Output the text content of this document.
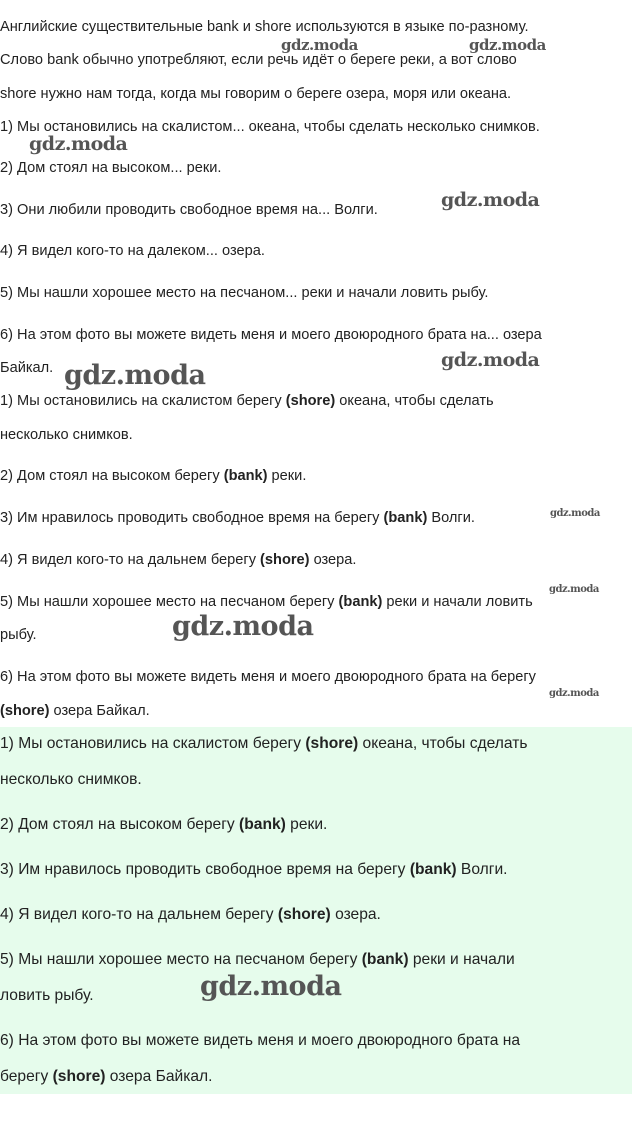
Английские существительные bank и shore используются в языке по-разному.

Слово bank обычно употребляют, если речь идёт о береге реки, а вот слово

shore нужно нам тогда, когда мы говорим о береге озера, моря или океана.

1) Мы остановились на скалистом... океана, чтобы сделать несколько снимков.

2) Дом стоял на высоком... реки.

3) Они любили проводить свободное время на... Волги.

4) Я видел кого-то на далеком... озера.

5) Мы нашли хорошее место на песчаном... реки и начали ловить рыбу.

6) На этом фото вы можете видеть меня и моего двоюродного брата на... озера

Байкал.

1) Мы остановились на скалистом берегу (shore) океана, чтобы сделать

несколько снимков.

2) Дом стоял на высоком берегу (bank) реки.

3) Им нравилось проводить свободное время на берегу (bank) Волги.

4) Я видел кого-то на дальнем берегу (shore) озера.

5) Мы нашли хорошее место на песчаном берегу (bank) реки и начали ловить

рыбу.

6) На этом фото вы можете видеть меня и моего двоюродного брата на берегу

(shore) озера Байкал.

1) Мы остановились на скалистом берегу (shore) океана, чтобы сделать

несколько снимков.

2) Дом стоял на высоком берегу (bank) реки.

3) Им нравилось проводить свободное время на берегу (bank) Волги.

4) Я видел кого-то на дальнем берегу (shore) озера.

5) Мы нашли хорошее место на песчаном берегу (bank) реки и начали

ловить рыбу.

6) На этом фото вы можете видеть меня и моего двоюродного брата на

берегу (shore) озера Байкал.

gdz.moda	gdz.moda
gdz.moda
gdz.moda
gdz.moda
gdz.moda
gdz.moda
gdz.moda
gdz.moda
gdz.moda
gdz.moda
